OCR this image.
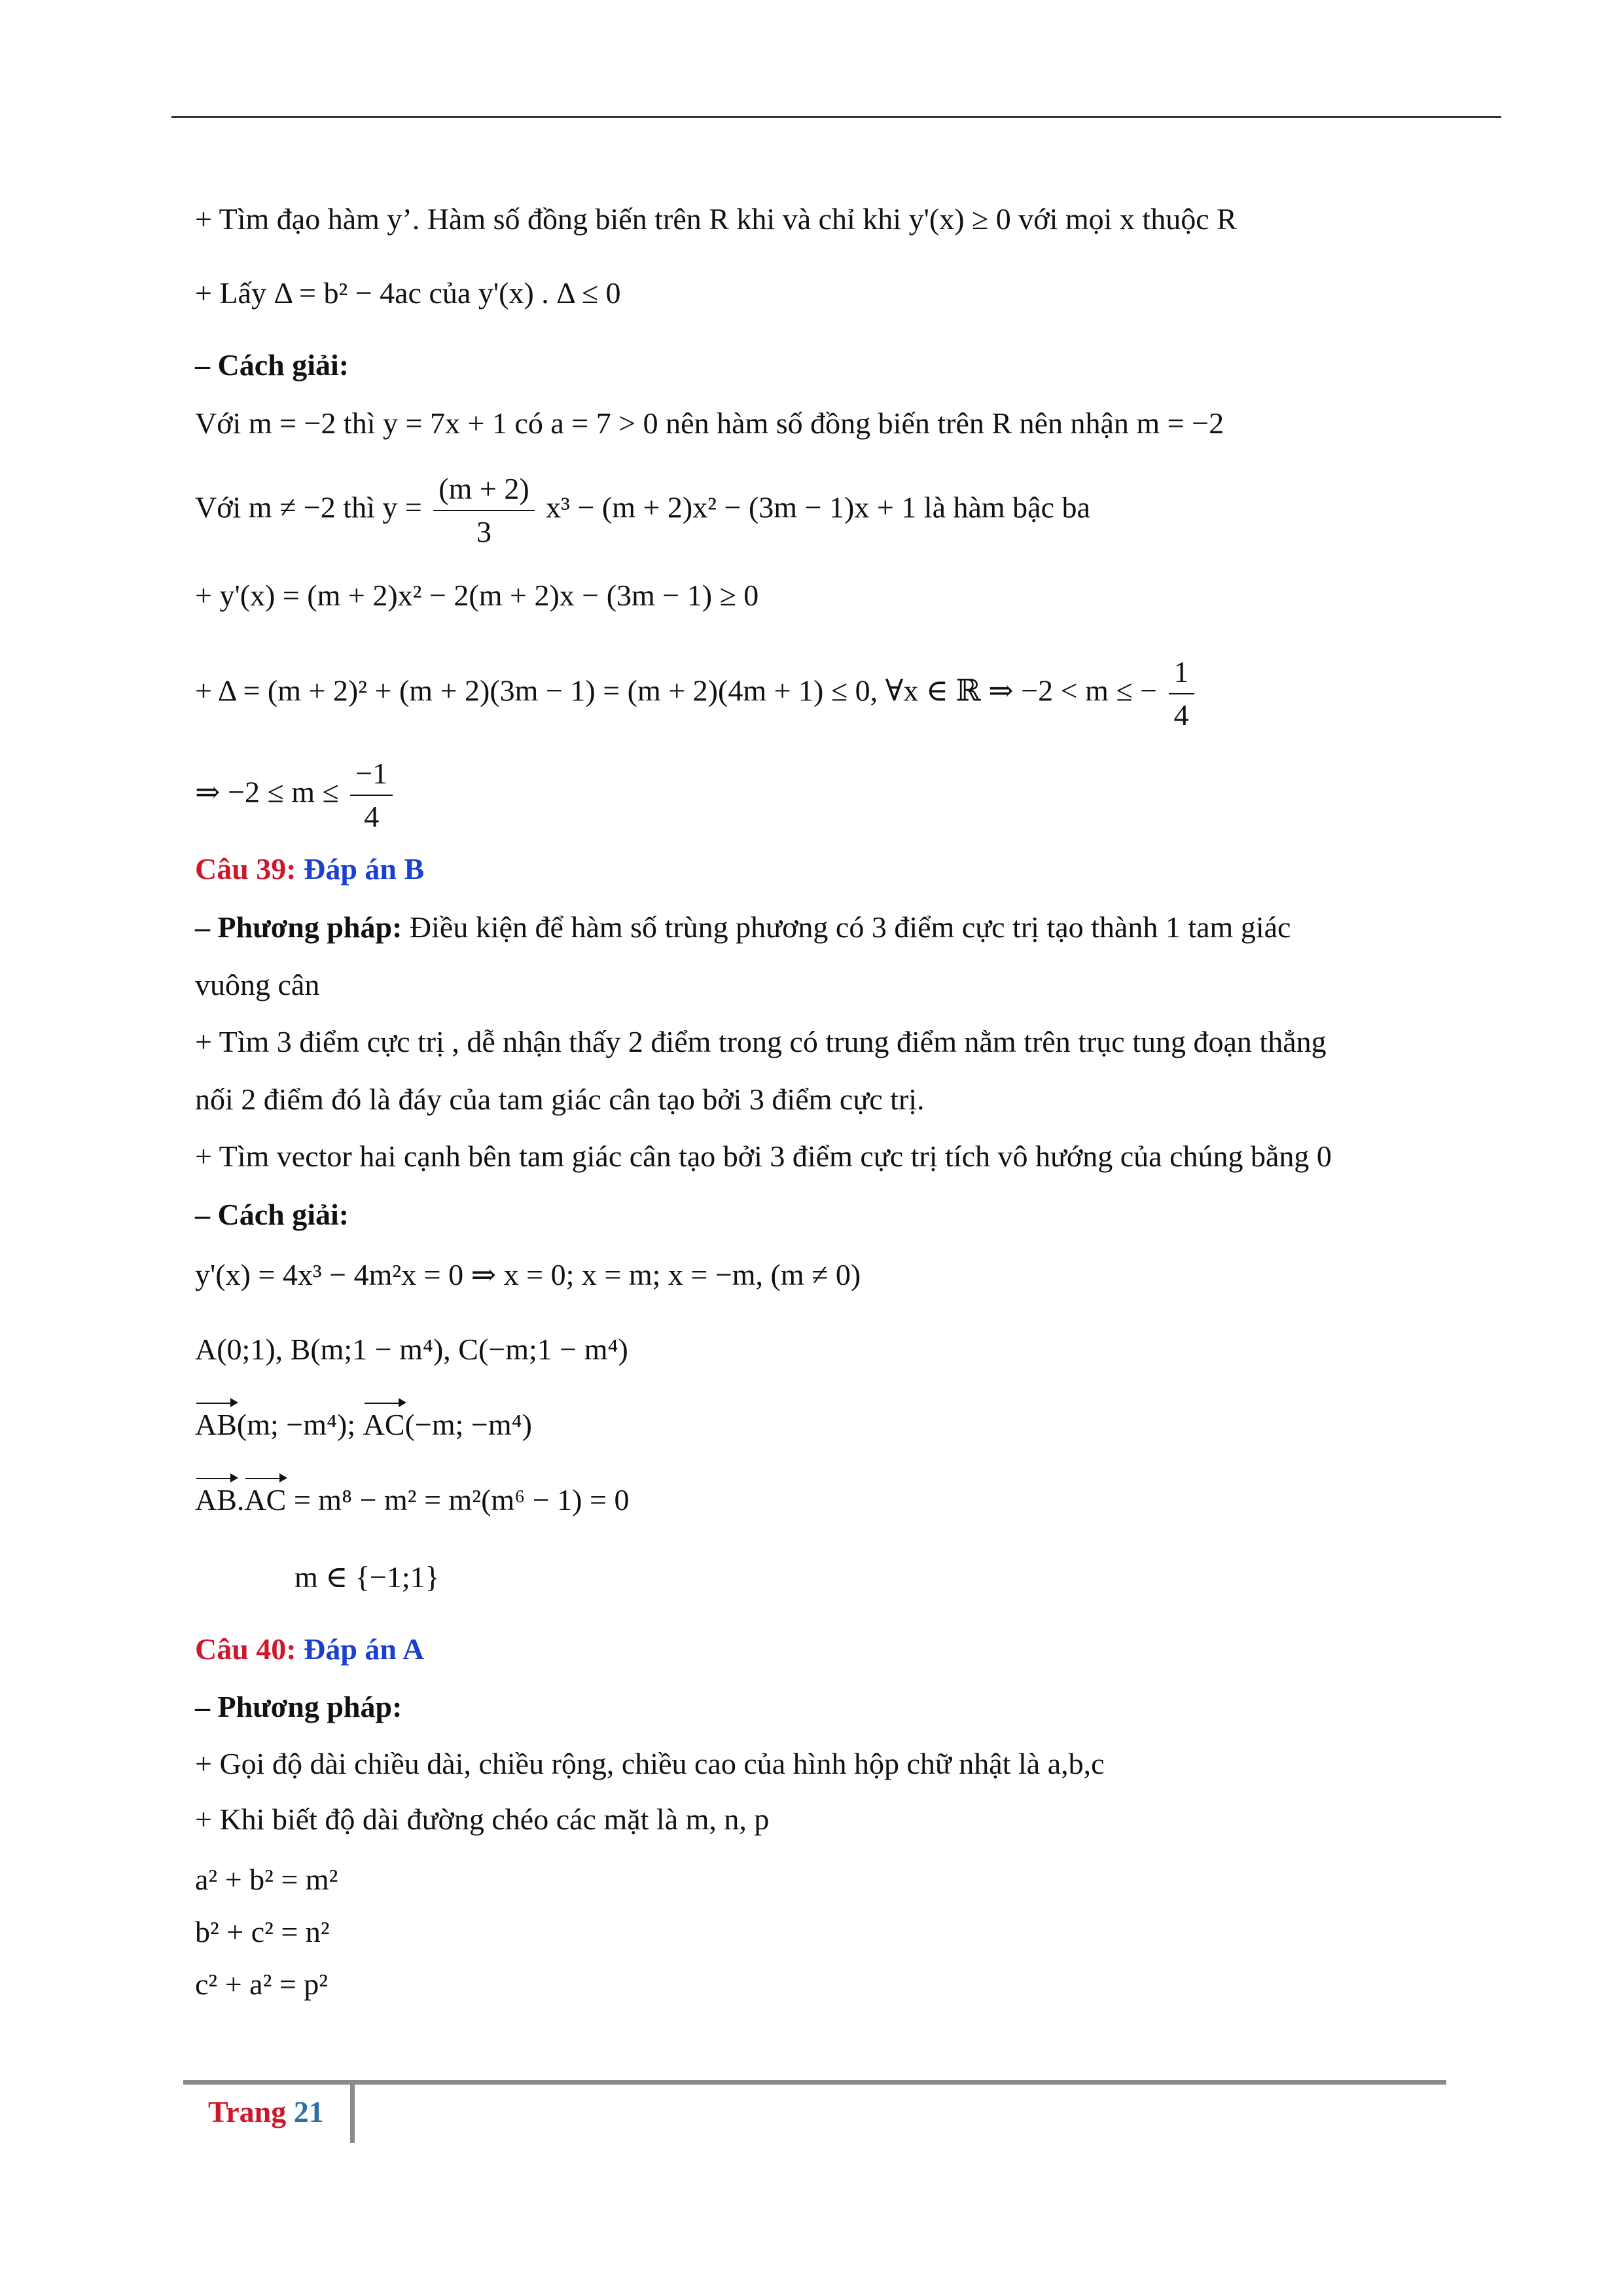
+ Tìm đạo hàm y’. Hàm số đồng biến trên R khi và chỉ khi y'(x) ≥ 0 với mọi x thuộc R
+ Lấy Δ = b² − 4ac của y'(x) . Δ ≤ 0
– Cách giải:
Với m = −2 thì y = 7x + 1 có a = 7 > 0 nên hàm số đồng biến trên R nên nhận m = −2
Với m ≠ −2 thì $y = \frac{(m + 2)}{3} x^3 - (m + 2)x^2 - (3m - 1)x + 1$ là hàm bậc ba
+ y'(x) = (m + 2)x² − 2(m + 2)x − (3m − 1) ≥ 0
+ Δ = (m + 2)² + (m + 2)(3m − 1) = (m + 2)(4m + 1) ≤ 0, ∀x ∈ ℝ ⇒ −2 < m ≤ − $\frac{1}{4}$
⇒ $-2 \le m \le \frac{-1}{4}$
Câu 39: Đáp án B
– Phương pháp: Điều kiện để hàm số trùng phương có 3 điểm cực trị tạo thành 1 tam giác
vuông cân
+ Tìm 3 điểm cực trị , dễ nhận thấy 2 điểm trong có trung điểm nằm trên trục tung đoạn thẳng
nối 2 điểm đó là đáy của tam giác cân tạo bởi 3 điểm cực trị.
+ Tìm vector hai cạnh bên tam giác cân tạo bởi 3 điểm cực trị tích vô hướng của chúng bằng 0
– Cách giải:
y'(x) = 4x³ − 4m²x = 0 ⇒ x = 0; x = m; x = −m, (m ≠ 0)
A(0;1), B(m;1 − m⁴), C(−m;1 − m⁴)
AB(m; −m⁴); AC(−m; −m⁴)
AB.AC = m⁸ − m² = m²(m⁶ − 1) = 0
m ∈ {−1;1}
Câu 40: Đáp án A
– Phương pháp:
+ Gọi độ dài chiều dài, chiều rộng, chiều cao của hình hộp chữ nhật là a,b,c
+ Khi biết độ dài đường chéo các mặt là m, n, p
a² + b² = m²
b² + c² = n²
c² + a² = p²
Trang 21
